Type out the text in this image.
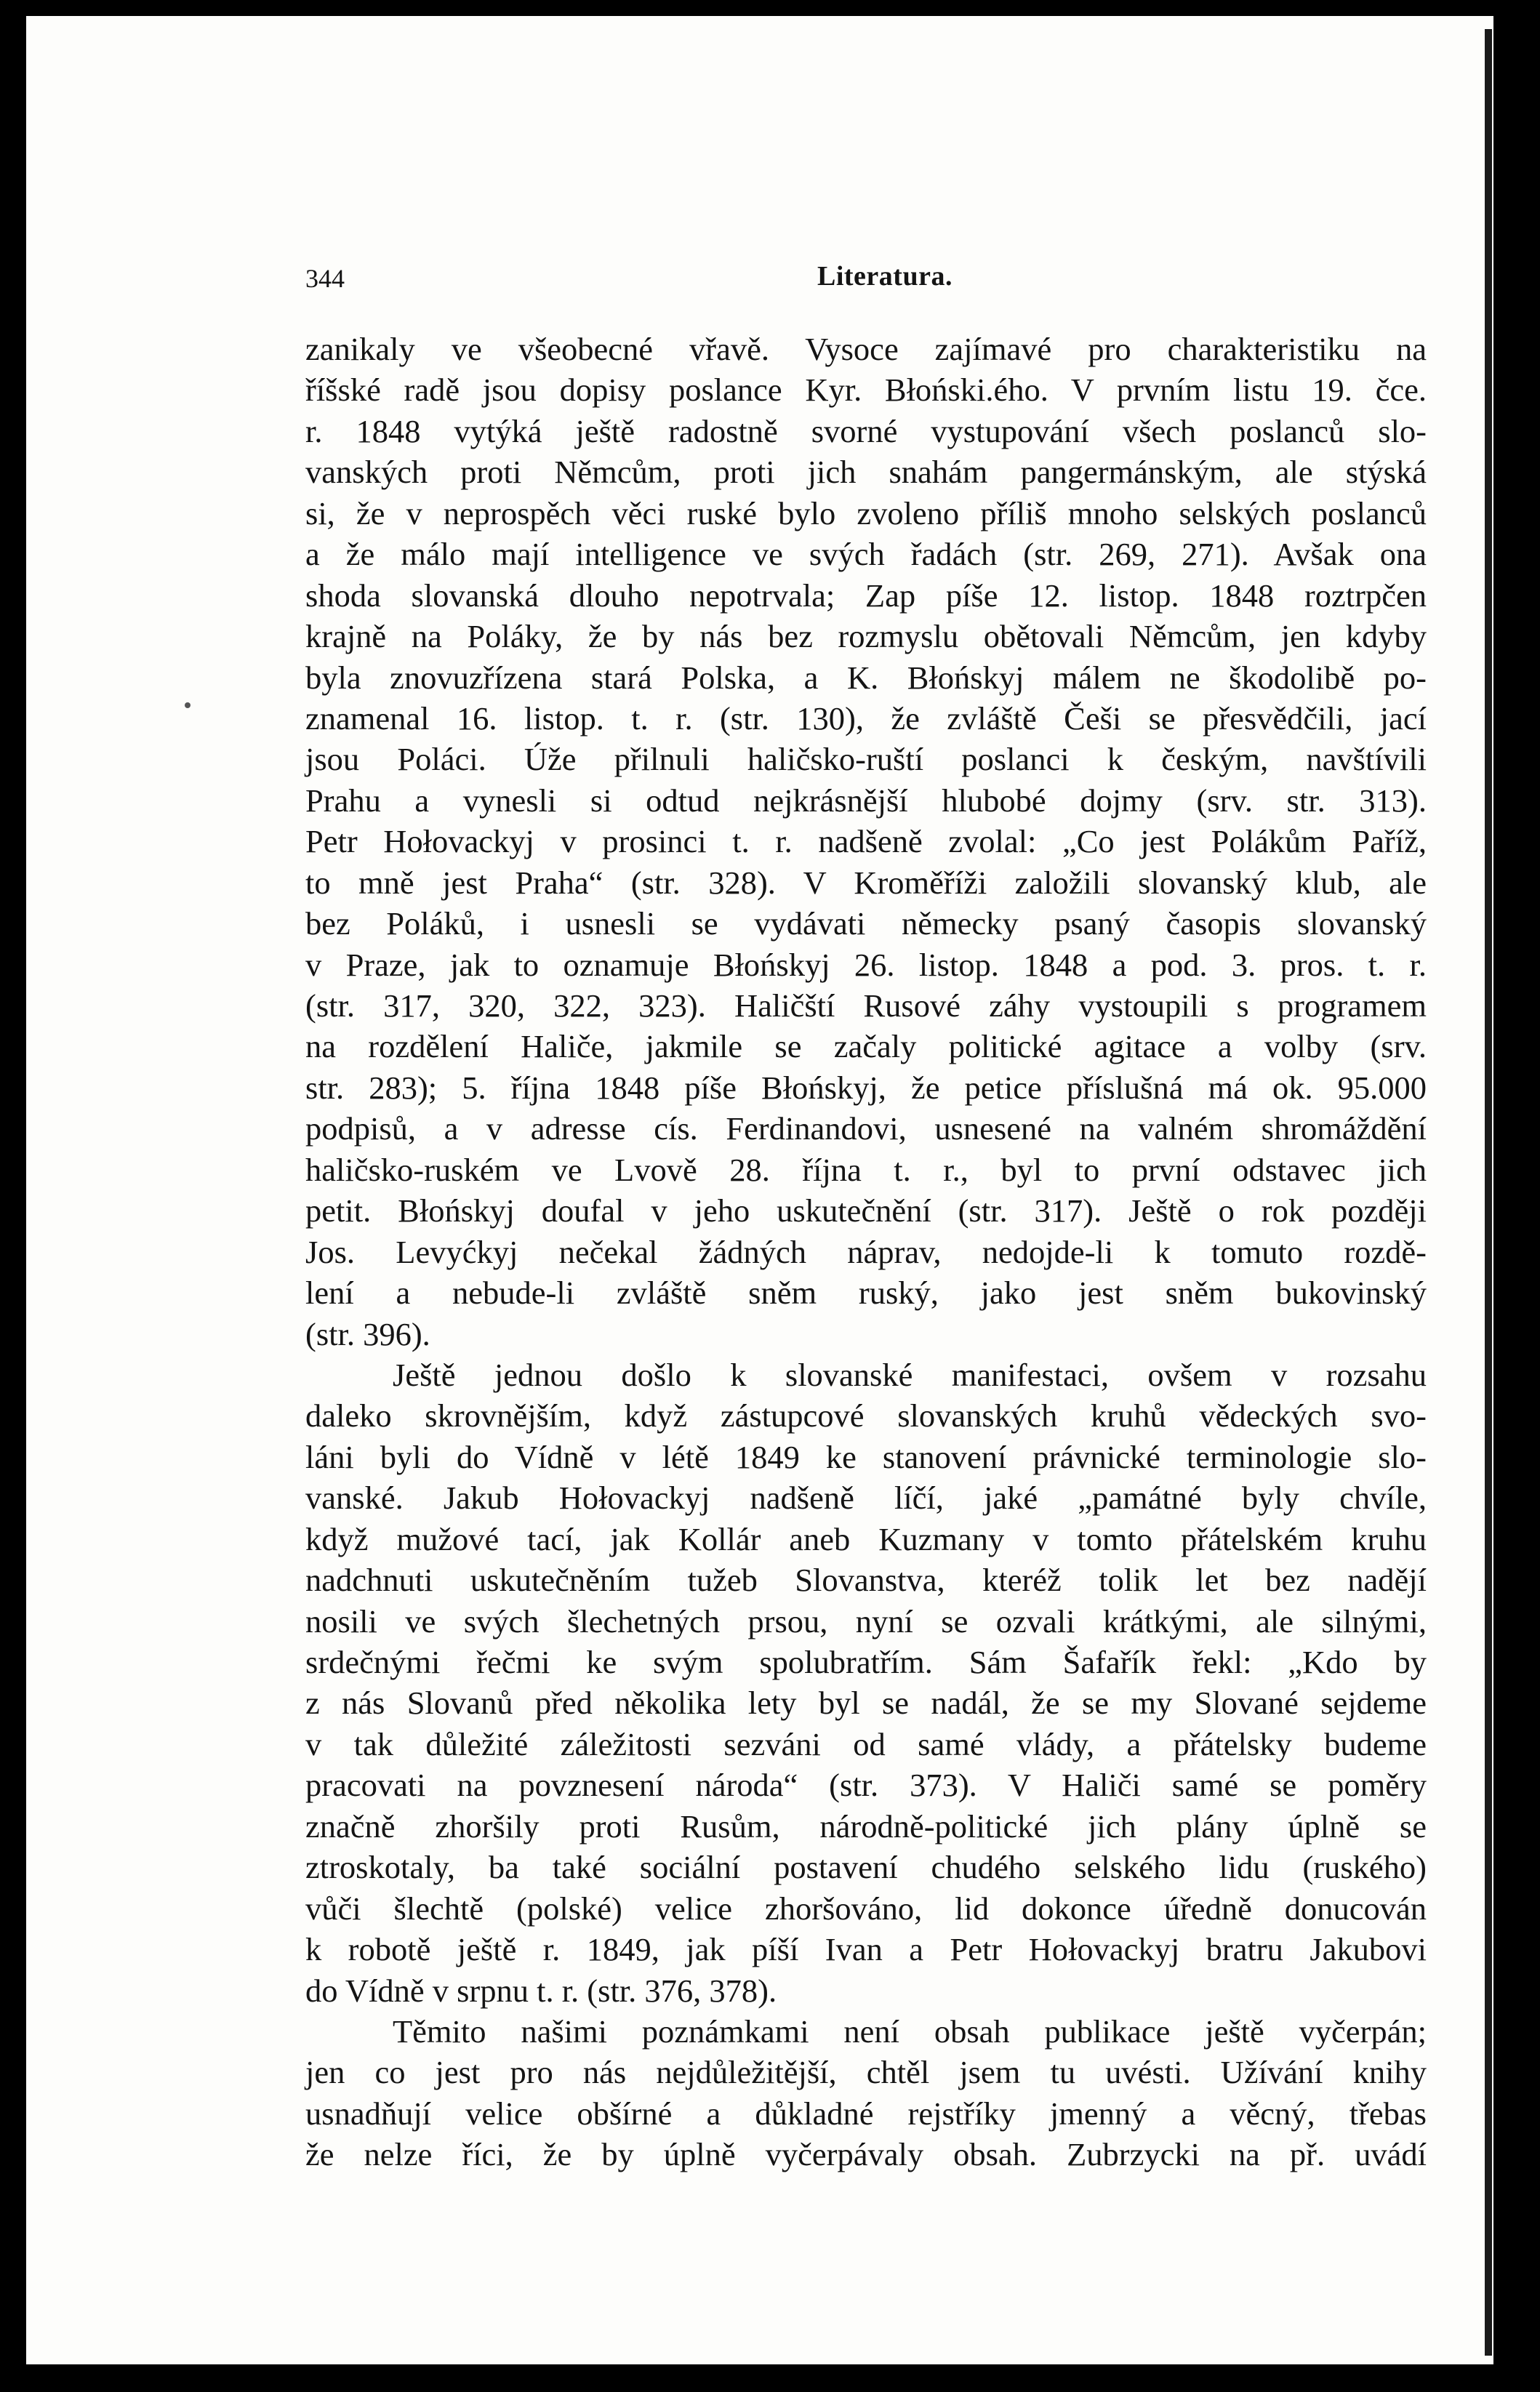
344	Literatura.
zanikaly ve všeobecné vřavě. Vysoce zajímavé pro charakteristiku na
říšské radě jsou dopisy poslance Kyr. Błoński.ého. V prvním listu 19. čce.
r. 1848 vytýká ještě radostně svorné vystupování všech poslanců slo-
vanských proti Němcům, proti jich snahám pangermánským, ale stýská
si, že v neprospěch věci ruské bylo zvoleno příliš mnoho selských poslanců
a že málo mají intelligence ve svých řadách (str. 269, 271). Avšak ona
shoda slovanská dlouho nepotrvala; Zap píše 12. listop. 1848 roztrpčen
krajně na Poláky, že by nás bez rozmyslu obětovali Němcům, jen kdyby
byla znovuzřízena stará Polska, a K. Błońskyj málem ne škodolibě po-
znamenal 16. listop. t. r. (str. 130), že zvláště Češi se přesvědčili, jací
jsou Poláci. Úže přilnuli haličsko-ruští poslanci k českým, navštívili
Prahu a vynesli si odtud nejkrásnější hlubobé dojmy (srv. str. 313).
Petr Hołovackyj v prosinci t. r. nadšeně zvolal: „Co jest Polákům Paříž,
to mně jest Praha“ (str. 328). V Kroměříži založili slovanský klub, ale
bez Poláků, i usnesli se vydávati německy psaný časopis slovanský
v Praze, jak to oznamuje Błońskyj 26. listop. 1848 a pod. 3. pros. t. r.
(str. 317, 320, 322, 323). Haličští Rusové záhy vystoupili s programem
na rozdělení Haliče, jakmile se začaly politické agitace a volby (srv.
str. 283); 5. října 1848 píše Błońskyj, že petice příslušná má ok. 95.000
podpisů, a v adresse cís. Ferdinandovi, usnesené na valném shromáždění
haličsko-ruském ve Lvově 28. října t. r., byl to první odstavec jich
petit. Błońskyj doufal v jeho uskutečnění (str. 317). Ještě o rok později
Jos. Levyćkyj nečekal žádných náprav, nedojde-li k tomuto rozdě-
lení a nebude-li zvláště sněm ruský, jako jest sněm bukovinský
(str. 396).
Ještě jednou došlo k slovanské manifestaci, ovšem v rozsahu
daleko skrovnějším, když zástupcové slovanských kruhů vědeckých svo-
láni byli do Vídně v létě 1849 ke stanovení právnické terminologie slo-
vanské. Jakub Hołovackyj nadšeně líčí, jaké „památné byly chvíle,
když mužové tací, jak Kollár aneb Kuzmany v tomto přátelském kruhu
nadchnuti uskutečněním tužeb Slovanstva, kteréž tolik let bez nadějí
nosili ve svých šlechetných prsou, nyní se ozvali krátkými, ale silnými,
srdečnými řečmi ke svým spolubratřím. Sám Šafařík řekl: „Kdo by
z nás Slovanů před několika lety byl se nadál, že se my Slované sejdeme
v tak důležité záležitosti sezváni od samé vlády, a přátelsky budeme
pracovati na povznesení národa“ (str. 373). V Haliči samé se poměry
značně zhoršily proti Rusům, národně-politické jich plány úplně se
ztroskotaly, ba také sociální postavení chudého selského lidu (ruského)
vůči šlechtě (polské) velice zhoršováno, lid dokonce úředně donucován
k robotě ještě r. 1849, jak píší Ivan a Petr Hołovackyj bratru Jakubovi
do Vídně v srpnu t. r. (str. 376, 378).
Těmito našimi poznámkami není obsah publikace ještě vyčerpán;
jen co jest pro nás nejdůležitější, chtěl jsem tu uvésti. Užívání knihy
usnadňují velice obšírné a důkladné rejstříky jmenný a věcný, třebas
že nelze říci, že by úplně vyčerpávaly obsah. Zubrzycki na př. uvádí
